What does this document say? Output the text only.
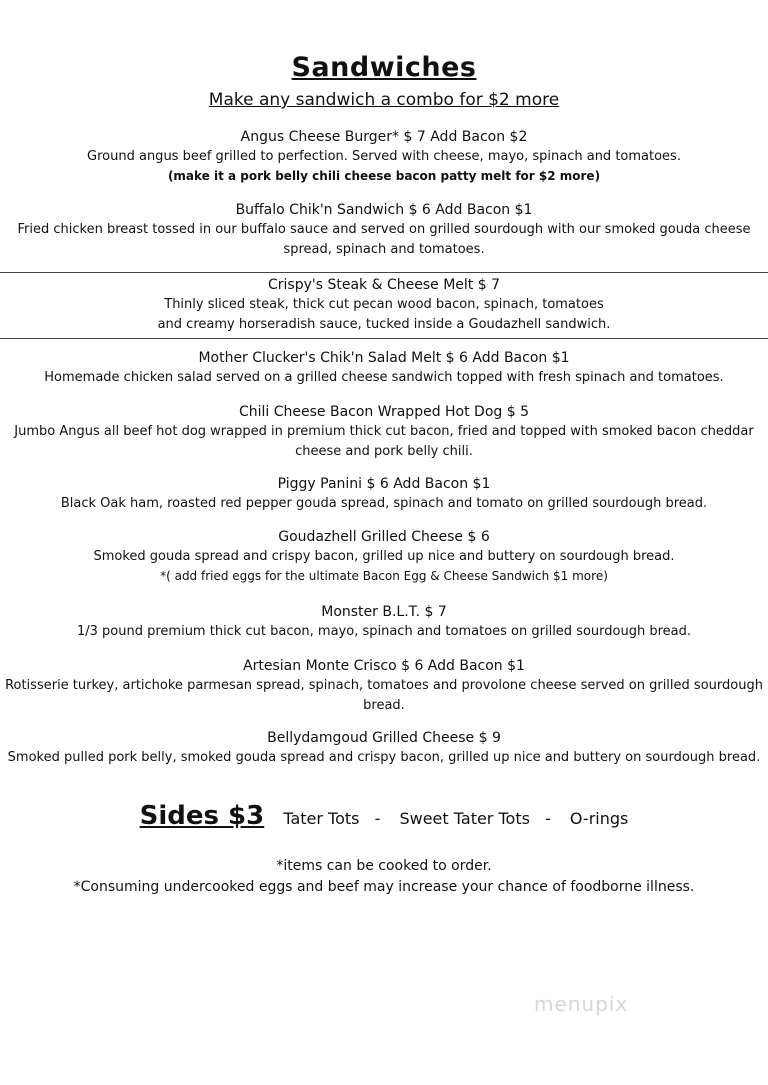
Sandwiches
Make any sandwich a combo for $2 more
Angus Cheese Burger* $ 7 Add Bacon $2
Ground angus beef grilled to perfection. Served with cheese, mayo, spinach and tomatoes.
(make it a pork belly chili cheese bacon patty melt for $2 more)
Buffalo Chik'n Sandwich $ 6 Add Bacon $1
Fried chicken breast tossed in our buffalo sauce and served on grilled sourdough with our smoked gouda cheese spread, spinach and tomatoes.
Crispy's Steak & Cheese Melt $ 7
Thinly sliced steak, thick cut pecan wood bacon, spinach, tomatoes and creamy horseradish sauce, tucked inside a Goudazhell sandwich.
Mother Clucker's Chik'n Salad Melt $ 6 Add Bacon $1
Homemade chicken salad served on a grilled cheese sandwich topped with fresh spinach and tomatoes.
Chili Cheese Bacon Wrapped Hot Dog $ 5
Jumbo Angus all beef hot dog wrapped in premium thick cut bacon, fried and topped with smoked bacon cheddar cheese and pork belly chili.
Piggy Panini $ 6 Add Bacon $1
Black Oak ham, roasted red pepper gouda spread, spinach and tomato on grilled sourdough bread.
Goudazhell Grilled Cheese $ 6
Smoked gouda spread and crispy bacon, grilled up nice and buttery on sourdough bread.
*( add fried eggs for the ultimate Bacon Egg & Cheese Sandwich $1 more)
Monster B.L.T. $ 7
1/3 pound premium thick cut bacon, mayo, spinach and tomatoes on grilled sourdough bread.
Artesian Monte Crisco $ 6 Add Bacon $1
Rotisserie turkey, artichoke parmesan spread, spinach, tomatoes and provolone cheese served on grilled sourdough bread.
Bellydamgoud Grilled Cheese $ 9
Smoked pulled pork belly, smoked gouda spread and crispy bacon, grilled up nice and buttery on sourdough bread.
Sides $3 Tater Tots - Sweet Tater Tots - O-rings
*items can be cooked to order.
*Consuming undercooked eggs and beef may increase your chance of foodborne illness.
menupix
